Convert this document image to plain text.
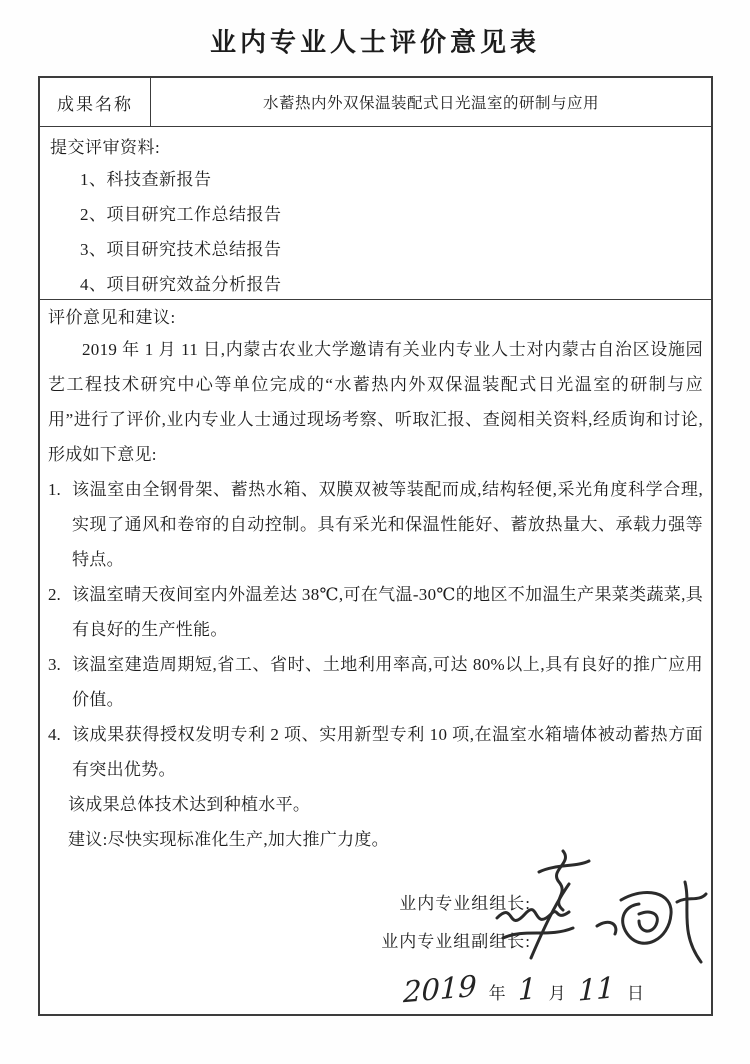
业内专业人士评价意见表
成果名称	水蓄热内外双保温装配式日光温室的研制与应用
提交评审资料:
1、科技查新报告
2、项目研究工作总结报告
3、项目研究技术总结报告
4、项目研究效益分析报告
评价意见和建议:
2019 年 1 月 11 日,内蒙古农业大学邀请有关业内专业人士对内蒙古自治区设施园艺工程技术研究中心等单位完成的“水蓄热内外双保温装配式日光温室的研制与应用”进行了评价,业内专业人士通过现场考察、听取汇报、查阅相关资料,经质询和讨论,形成如下意见:
1. 该温室由全钢骨架、蓄热水箱、双膜双被等装配而成,结构轻便,采光角度科学合理,实现了通风和卷帘的自动控制。具有采光和保温性能好、蓄放热量大、承载力强等特点。
2. 该温室晴天夜间室内外温差达 38℃,可在气温-30℃的地区不加温生产果菜类蔬菜,具有良好的生产性能。
3. 该温室建造周期短,省工、省时、土地利用率高,可达 80%以上,具有良好的推广应用价值。
4. 该成果获得授权发明专利 2 项、实用新型专利 10 项,在温室水箱墙体被动蓄热方面有突出优势。
该成果总体技术达到种植水平。
建议:尽快实现标准化生产,加大推广力度。
业内专业组组长:
业内专业组副组长:
2019 年 1 月 11 日
